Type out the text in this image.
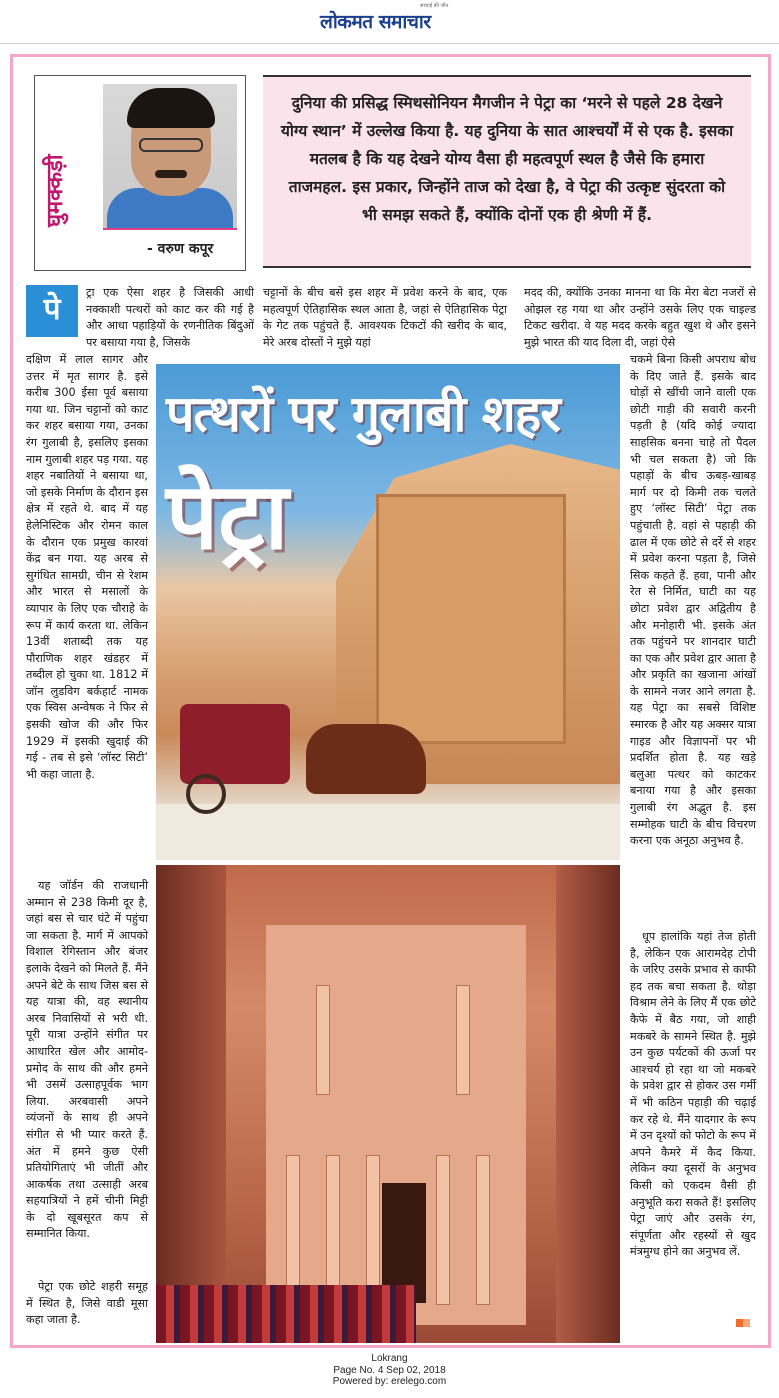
लोकमत समाचार
सच्चाई की जीत
घुमक्कड़ी
- वरुण कपूर

दुनिया की प्रसिद्ध स्मिथसोनियन मैगजीन ने पेट्रा का ‘मरने से पहले 28 देखने योग्य स्थान’ में उल्लेख किया है. यह दुनिया के सात आश्चर्यों में से एक है. इसका मतलब है कि यह देखने योग्य वैसा ही महत्वपूर्ण स्थल है जैसे कि हमारा ताजमहल. इस प्रकार, जिन्होंने ताज को देखा है, वे पेट्रा की उत्कृष्ट सुंदरता को भी समझ सकते हैं, क्योंकि दोनों एक ही श्रेणी में हैं.

पे	ट्रा एक ऐसा शहर है जिसकी आधी नक्काशी पत्थरों को काट कर की गई है और आधा पहाड़ियों के रणनीतिक बिंदुओं पर बसाया गया है, जिसके

दक्षिण में लाल सागर और उत्तर में मृत सागर है. इसे करीब 300 ईसा पूर्व बसाया गया था. जिन चट्टानों को काट कर शहर बसाया गया, उनका रंग गुलाबी है, इसलिए इसका नाम गुलाबी शहर पड़ गया. यह शहर नबातियों ने बसाया था, जो इसके निर्माण के दौरान इस क्षेत्र में रहते थे. बाद में यह हेलेनिस्टिक और रोमन काल के दौरान एक प्रमुख कारवां केंद्र बन गया. यह अरब से सुगंधित सामग्री, चीन से रेशम और भारत से मसालों के व्यापार के लिए एक चौराहे के रूप में कार्य करता था. लेकिन 13वीं शताब्दी तक यह पौराणिक शहर खंडहर में तब्दील हो चुका था. 1812 में जॉन लुडविग बर्कहार्ट नामक एक स्विस अन्वेषक ने फिर से इसकी खोज की और फिर 1929 में इसकी खुदाई की गई - तब से इसे ‘लॉस्ट सिटी’ भी कहा जाता है.

यह जॉर्डन की राजधानी अम्मान से 238 किमी दूर है, जहां बस से चार घंटे में पहुंचा जा सकता है. मार्ग में आपको विशाल रेगिस्तान और बंजर इलाके देखने को मिलते हैं. मैंने अपने बेटे के साथ जिस बस से यह यात्रा की, वह स्थानीय अरब निवासियों से भरी थी. पूरी यात्रा उन्होंने संगीत पर आधारित खेल और आमोद-प्रमोद के साथ की और हमने भी उसमें उत्साहपूर्वक भाग लिया. अरबवासी अपने व्यंजनों के साथ ही अपने संगीत से भी प्यार करते हैं. अंत में हमने कुछ ऐसी प्रतियोगिताएं भी जीतीं और आकर्षक तथा उत्साही अरब सहयात्रियों ने हमें चीनी मिट्टी के दो खूबसूरत कप से सम्मानित किया.

पेट्रा एक छोटे शहरी समूह में स्थित है, जिसे वाडी मूसा कहा जाता है.

चट्टानों के बीच बसे इस शहर में प्रवेश करने के बाद, एक महत्वपूर्ण ऐतिहासिक स्थल आता है, जहां से ऐतिहासिक पेट्रा के गेट तक पहुंचते हैं. आवश्यक टिकटों की खरीद के बाद, मेरे अरब दोस्तों ने मुझे यहां

मदद की, क्योंकि उनका मानना था कि मेरा बेटा नजरों से ओझल रह गया था और उन्होंने उसके लिए एक चाइल्ड टिकट खरीदा. वे यह मदद करके बहुत खुश थे और इसने मुझे भारत की याद दिला दी, जहां ऐसे

चकमे बिना किसी अपराध बोध के दिए जाते हैं. इसके बाद घोड़ों से खींची जाने वाली एक छोटी गाड़ी की सवारी करनी पड़ती है (यदि कोई ज्यादा साहसिक बनना चाहे तो पैदल भी चल सकता है) जो कि पहाड़ों के बीच ऊबड़-खाबड़ मार्ग पर दो किमी तक चलते हुए ‘लॉस्ट सिटी’ पेट्रा तक पहुंचाती है. वहां से पहाड़ी की ढाल में एक छोटे से दर्रे से शहर में प्रवेश करना पड़ता है, जिसे सिक कहते हैं. हवा, पानी और रेत से निर्मित, घाटी का यह छोटा प्रवेश द्वार अद्वितीय है और मनोहारी भी. इसके अंत तक पहुंचने पर शानदार घाटी का एक और प्रवेश द्वार आता है और प्रकृति का खजाना आंखों के सामने नजर आने लगता है. यह पेट्रा का सबसे विशिष्ट स्मारक है और यह अक्सर यात्रा गाइड और विज्ञापनों पर भी प्रदर्शित होता है. यह खड़े बलुआ पत्थर को काटकर बनाया गया है और इसका गुलाबी रंग अद्भुत है. इस सम्मोहक घाटी के बीच विचरण करना एक अनूठा अनुभव है.

धूप हालांकि यहां तेज होती है, लेकिन एक आरामदेह टोपी के जरिए उसके प्रभाव से काफी हद तक बचा सकता है. थोड़ा विश्राम लेने के लिए मैं एक छोटे कैफे में बैठ गया, जो शाही मकबरे के सामने स्थित है. मुझे उन कुछ पर्यटकों की ऊर्जा पर आश्चर्य हो रहा था जो मकबरे के प्रवेश द्वार से होकर उस गर्मी में भी कठिन पहाड़ी की चढ़ाई कर रहे थे. मैंने यादगार के रूप में उन दृश्यों को फोटो के रूप में अपने कैमरे में कैद किया. लेकिन क्या दूसरों के अनुभव किसी को एकदम वैसी ही अनुभूति करा सकते हैं! इसलिए पेट्रा जाएं और उसके रंग, संपूर्णता और रहस्यों से खुद मंत्रमुग्ध होने का अनुभव लें.

पत्थरों पर गुलाबी शहर
पेट्रा
Lokrang
Page No. 4 Sep 02, 2018
Powered by: erelego.com
